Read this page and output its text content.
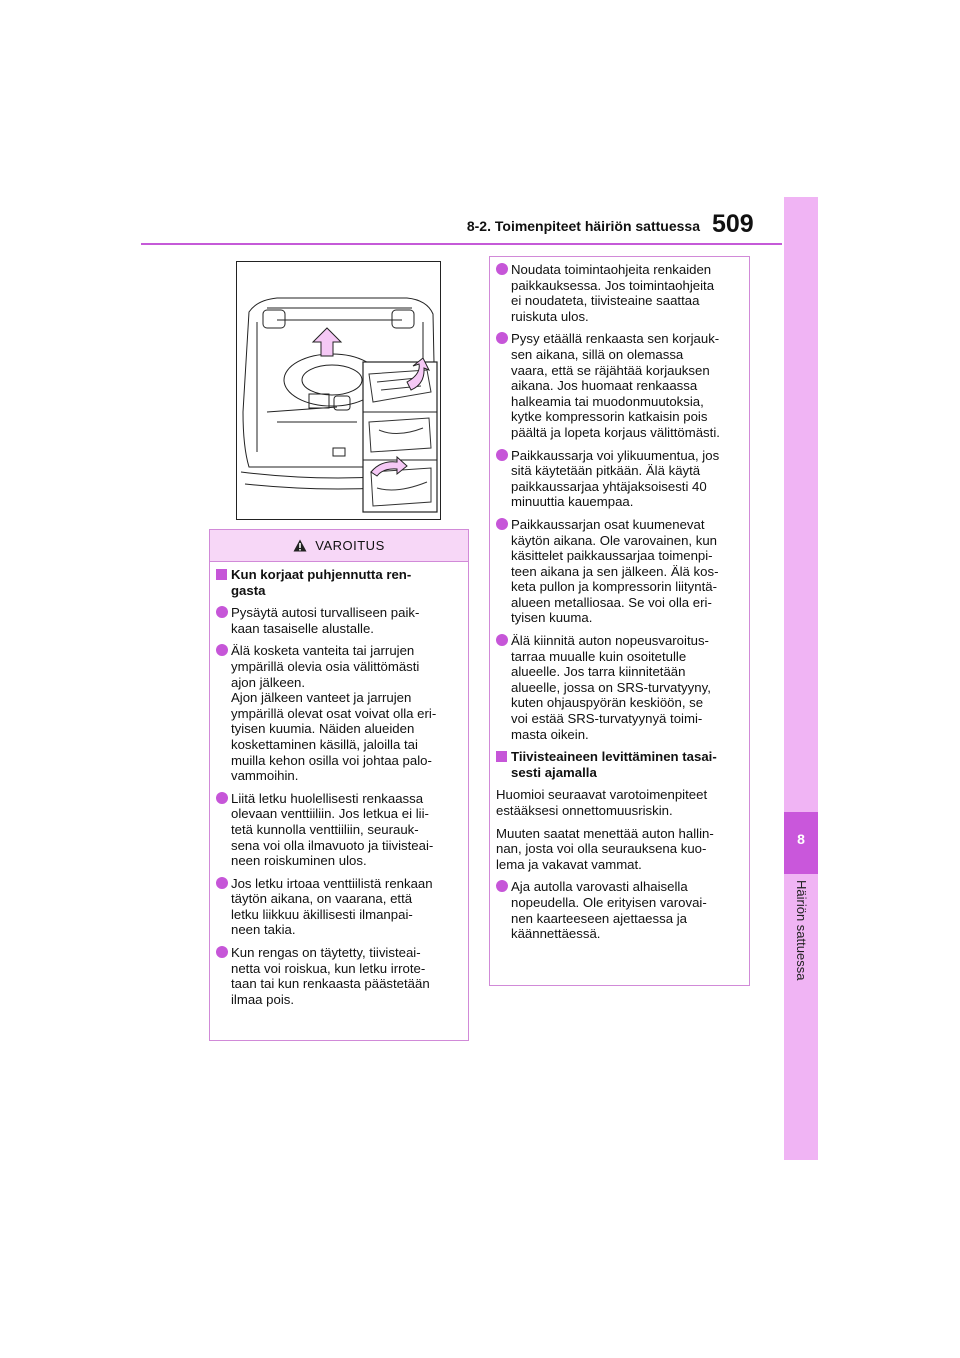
8-2. Toimenpiteet häiriön sattuessa 509
8
Häiriön sattuessa
VAROITUS

Kun korjaat puhjennutta ren-
gasta

Pysäytä autosi turvalliseen paik-
kaan tasaiselle alustalle.

Älä kosketa vanteita tai jarrujen
ympärillä olevia osia välittömästi
ajon jälkeen.
Ajon jälkeen vanteet ja jarrujen
ympärillä olevat osat voivat olla eri-
tyisen kuumia. Näiden alueiden
koskettaminen käsillä, jaloilla tai
muilla kehon osilla voi johtaa palo-
vammoihin.

Liitä letku huolellisesti renkaassa
olevaan venttiiliin. Jos letkua ei lii-
tetä kunnolla venttiiliin, seurauk-
sena voi olla ilmavuoto ja tiivisteai-
neen roiskuminen ulos.

Jos letku irtoaa venttiilistä renkaan
täytön aikana, on vaarana, että
letku liikkuu äkillisesti ilmanpai-
neen takia.

Kun rengas on täytetty, tiivisteai-
netta voi roiskua, kun letku irrote-
taan tai kun renkaasta päästetään
ilmaa pois.

Noudata toimintaohjeita renkaiden
paikkauksessa. Jos toimintaohjeita
ei noudateta, tiivisteaine saattaa
ruiskuta ulos.

Pysy etäällä renkaasta sen korjauk-
sen aikana, sillä on olemassa
vaara, että se räjähtää korjauksen
aikana. Jos huomaat renkaassa
halkeamia tai muodonmuutoksia,
kytke kompressorin katkaisin pois
päältä ja lopeta korjaus välittömästi.

Paikkaussarja voi ylikuumentua, jos
sitä käytetään pitkään. Älä käytä
paikkaussarjaa yhtäjaksoisesti 40
minuuttia kauempaa.

Paikkaussarjan osat kuumenevat
käytön aikana. Ole varovainen, kun
käsittelet paikkaussarjaa toimenpi-
teen aikana ja sen jälkeen. Älä kos-
keta pullon ja kompressorin liityntä-
alueen metalliosaa. Se voi olla eri-
tyisen kuuma.

Älä kiinnitä auton nopeusvaroitus-
tarraa muualle kuin osoitetulle
alueelle. Jos tarra kiinnitetään
alueelle, jossa on SRS-turvatyyny,
kuten ohjauspyörän keskiöön, se
voi estää SRS-turvatyynyä toimi-
masta oikein.

Tiivisteaineen levittäminen tasai-
sesti ajamalla

Huomioi seuraavat varotoimenpiteet
estääksesi onnettomuusriskin.

Muuten saatat menettää auton hallin-
nan, josta voi olla seurauksena kuo-
lema ja vakavat vammat.

Aja autolla varovasti alhaisella
nopeudella. Ole erityisen varovai-
nen kaarteeseen ajettaessa ja
käännettäessä.
